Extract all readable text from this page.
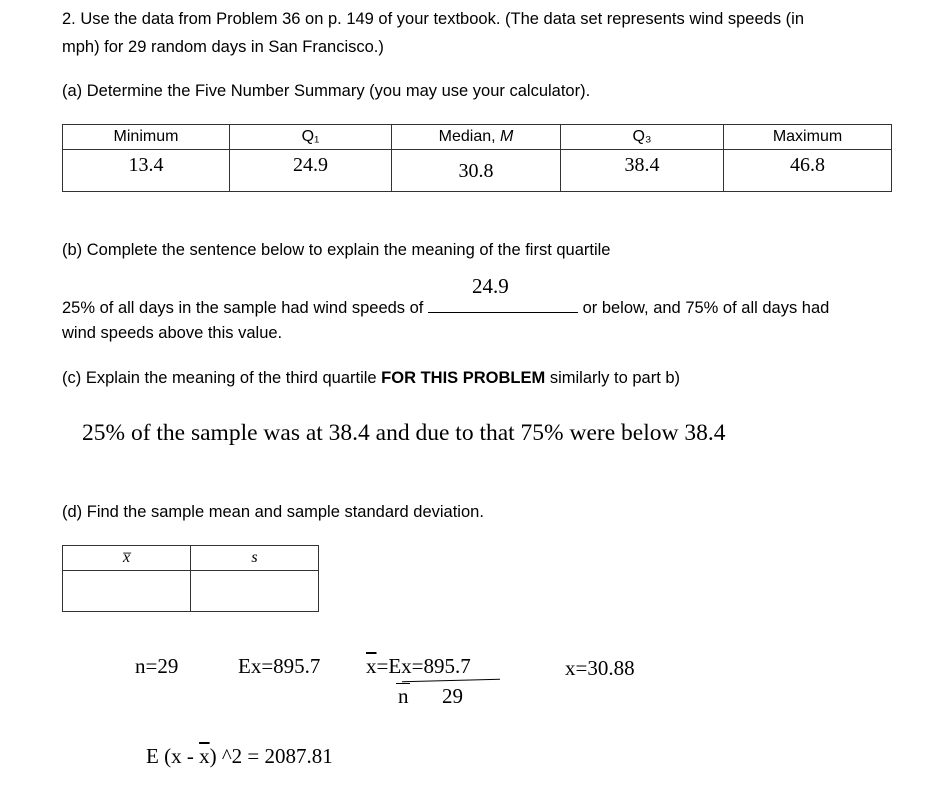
2. Use the data from Problem 36 on p. 149 of your textbook. (The data set represents wind speeds (in
mph) for 29 random days in San Francisco.)
(a) Determine the Five Number Summary (you may use your calculator).
Minimum	Q₁	Median, M	Q₃	Maximum
13.4	24.9	30.8	38.4	46.8
(b) Complete the sentence below to explain the meaning of the first quartile
25% of all days in the sample had wind speeds of
24.9
or below, and 75% of all days had
wind speeds above this value.
(c) Explain the meaning of the third quartile FOR THIS PROBLEM similarly to part b)
25% of the sample was at 38.4 and due to that 75% were below 38.4
(d) Find the sample mean and sample standard deviation.
x̅	s

n=29	Ex=895.7 $\overline{x}=Ex=895.7$
n 29
x=30.88
E $(x - \overline{x})$ ^2 = 2087.81
